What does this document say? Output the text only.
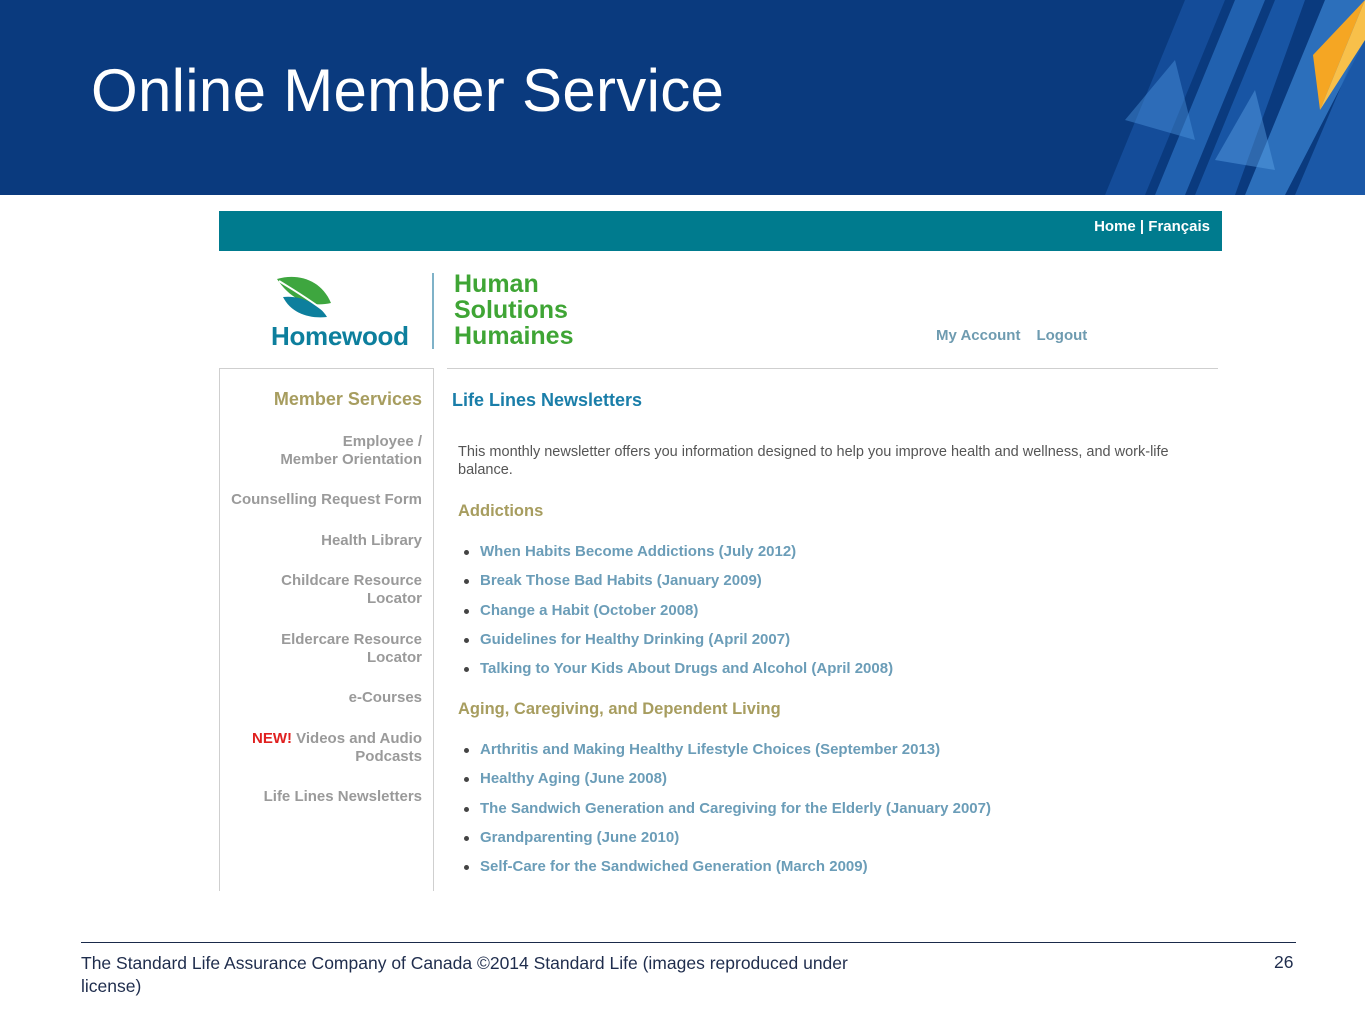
Online Member Service
Home | Français
Homewood
Human
Solutions
Humaines	My Account Logout
Member Services
Employee /
Member Orientation
Counselling Request Form
Health Library
Childcare Resource
Locator
Eldercare Resource
Locator
e-Courses
NEW! Videos and Audio
Podcasts
Life Lines Newsletters
Life Lines Newsletters
This monthly newsletter offers you information designed to help you improve health and wellness, and work-life balance.
Addictions
When Habits Become Addictions (July 2012)
Break Those Bad Habits (January 2009)
Change a Habit (October 2008)
Guidelines for Healthy Drinking (April 2007)
Talking to Your Kids About Drugs and Alcohol (April 2008)
Aging, Caregiving, and Dependent Living
Arthritis and Making Healthy Lifestyle Choices (September 2013)
Healthy Aging (June 2008)
The Sandwich Generation and Caregiving for the Elderly (January 2007)
Grandparenting (June 2010)
Self-Care for the Sandwiched Generation (March 2009)
The Standard Life Assurance Company of Canada ©2014 Standard Life (images reproduced under license)
26
